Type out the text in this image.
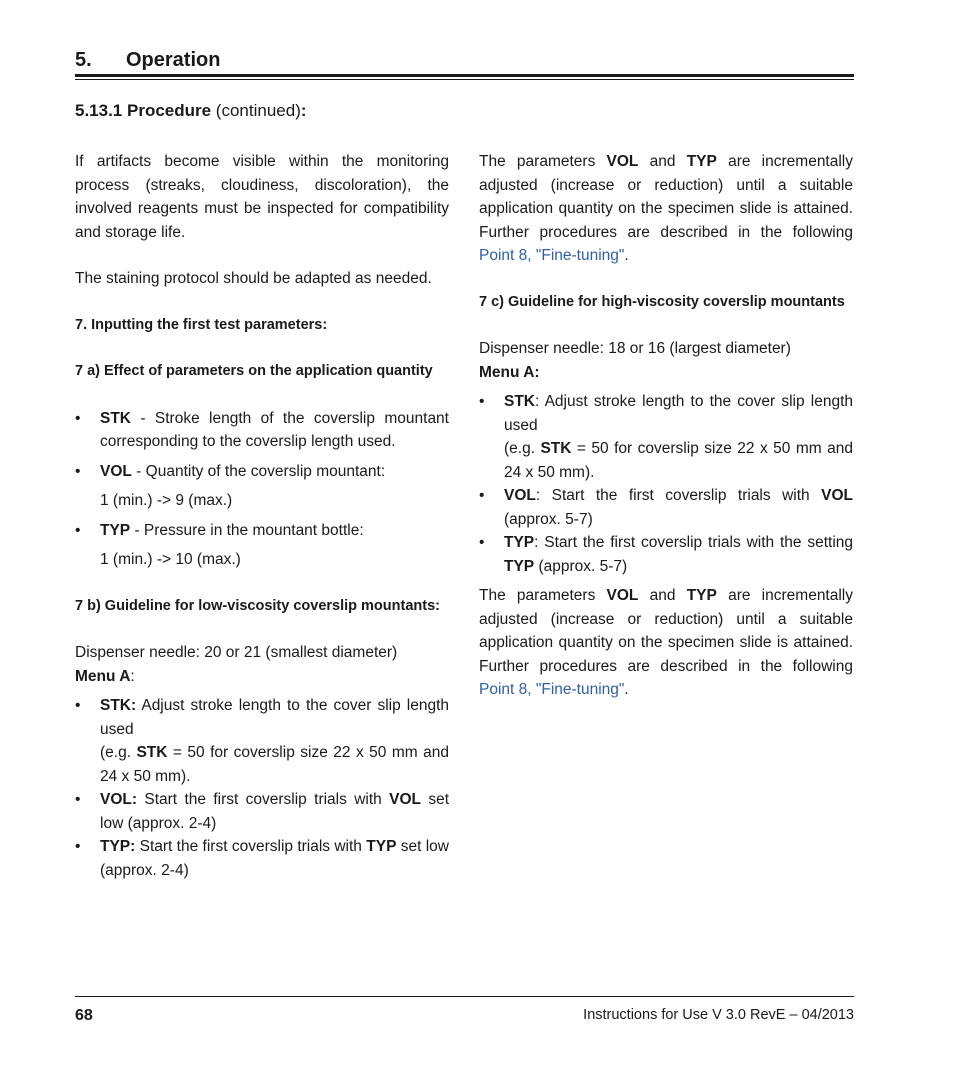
5. Operation
5.13.1 Procedure (continued):

If artifacts become visible within the monitoring process (streaks, cloudiness, discoloration), the involved reagents must be inspected for compatibility and storage life.

The staining protocol should be adapted as needed.

7. Inputting the first test parameters:

7 a) Effect of parameters on the application quantity

• STK - Stroke length of the coverslip mountant corresponding to the coverslip length used.
• VOL - Quantity of the coverslip mountant:
1 (min.) -> 9 (max.)
• TYP - Pressure in the mountant bottle:
1 (min.) -> 10 (max.)

7 b) Guideline for low-viscosity coverslip mountants:

Dispenser needle: 20 or 21 (smallest diameter)

Menu A:

• STK: Adjust stroke length to the cover slip length used
(e.g. STK = 50 for coverslip size 22 x 50 mm and 24 x 50 mm).
• VOL: Start the first coverslip trials with VOL set low (approx. 2-4)
• TYP: Start the first coverslip trials with TYP set low (approx. 2-4)

The parameters VOL and TYP are incrementally adjusted (increase or reduction) until a suitable application quantity on the specimen slide is attained. Further procedures are described in the following Point 8, "Fine-tuning".

7 c) Guideline for high-viscosity coverslip mountants

Dispenser needle: 18 or 16 (largest diameter)

Menu A:

• STK: Adjust stroke length to the cover slip length used
(e.g. STK = 50 for coverslip size 22 x 50 mm and 24 x 50 mm).
• VOL: Start the first coverslip trials with VOL (approx. 5-7)
• TYP: Start the first coverslip trials with the setting TYP (approx. 5-7)

The parameters VOL and TYP are incrementally adjusted (increase or reduction) until a suitable application quantity on the specimen slide is attained. Further procedures are described in the following Point 8, "Fine-tuning".

68	Instructions for Use V 3.0 RevE – 04/2013
